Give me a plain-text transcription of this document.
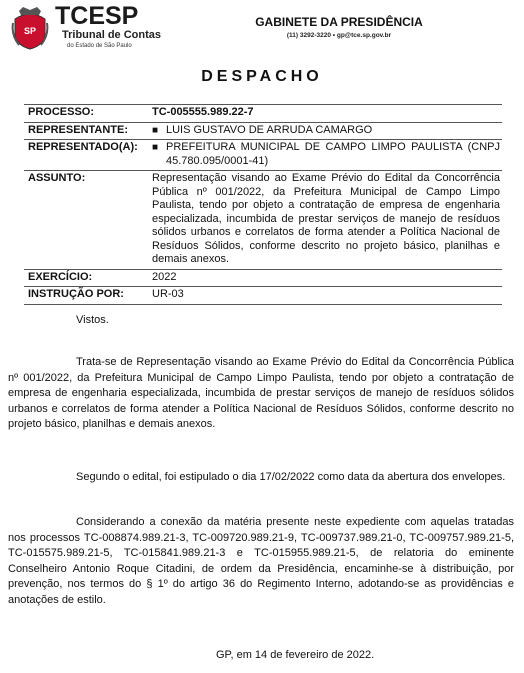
SP
TCESP
Tribunal de Contas
do Estado de São Paulo
GABINETE DA PRESIDÊNCIA
(11) 3292-3220 • gp@tce.sp.gov.br
DESPACHO
PROCESSO:	TC-005555.989.22-7
REPRESENTANTE:	■ LUIS GUSTAVO DE ARRUDA CAMARGO
REPRESENTADO(A):	■ PREFEITURA MUNICIPAL DE CAMPO LIMPO PAULISTA (CNPJ 45.780.095/0001-41)
ASSUNTO:	Representação visando ao Exame Prévio do Edital da Concorrência Pública nº 001/2022, da Prefeitura Municipal de Campo Limpo Paulista, tendo por objeto a contratação de empresa de engenharia especializada, incumbida de prestar serviços de manejo de resíduos sólidos urbanos e correlatos de forma atender a Política Nacional de Resíduos Sólidos, conforme descrito no projeto básico, planilhas e demais anexos.
EXERCÍCIO:	2022
INSTRUÇÃO POR:	UR-03
Vistos.
Trata-se de Representação visando ao Exame Prévio do Edital da Concorrência Pública nº 001/2022, da Prefeitura Municipal de Campo Limpo Paulista, tendo por objeto a contratação de empresa de engenharia especializada, incumbida de prestar serviços de manejo de resíduos sólidos urbanos e correlatos de forma atender a Política Nacional de Resíduos Sólidos, conforme descrito no projeto básico, planilhas e demais anexos.
Segundo o edital, foi estipulado o dia 17/02/2022 como data da abertura dos envelopes.
Considerando a conexão da matéria presente neste expediente com aquelas tratadas nos processos TC-008874.989.21-3, TC-009720.989.21-9, TC-009737.989.21-0, TC-009757.989.21-5, TC-015575.989.21-5, TC-015841.989.21-3 e TC-015955.989.21-5, de relatoria do eminente Conselheiro Antonio Roque Citadini, de ordem da Presidência, encaminhe-se à distribuição, por prevenção, nos termos do § 1º do artigo 36 do Regimento Interno, adotando-se as providências e anotações de estilo.
GP, em 14 de fevereiro de 2022.
